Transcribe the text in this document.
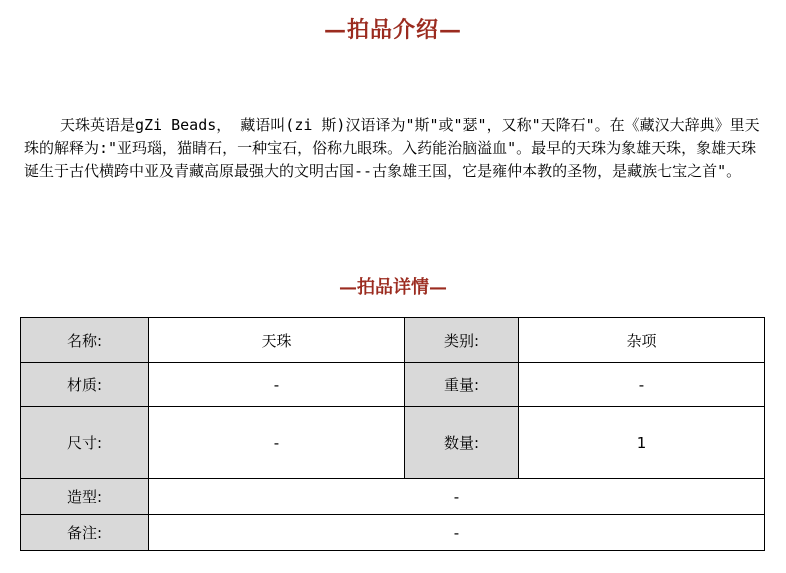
—拍品介绍—
天珠英语是gZi Beads， 藏语叫(zi 斯)汉语译为"斯"或"瑟"，又称"天降石"。在《藏汉大辞典》里天珠的解释为:"亚玛瑙，猫睛石，一种宝石，俗称九眼珠。入药能治脑溢血"。最早的天珠为象雄天珠，象雄天珠诞生于古代横跨中亚及青藏高原最强大的文明古国--古象雄王国，它是雍仲本教的圣物，是藏族七宝之首"。
—拍品详情—
名称:	天珠	类别:	杂项
材质:	-	重量:	-
尺寸:	-	数量:	1
造型:	-		
备注:	-		
